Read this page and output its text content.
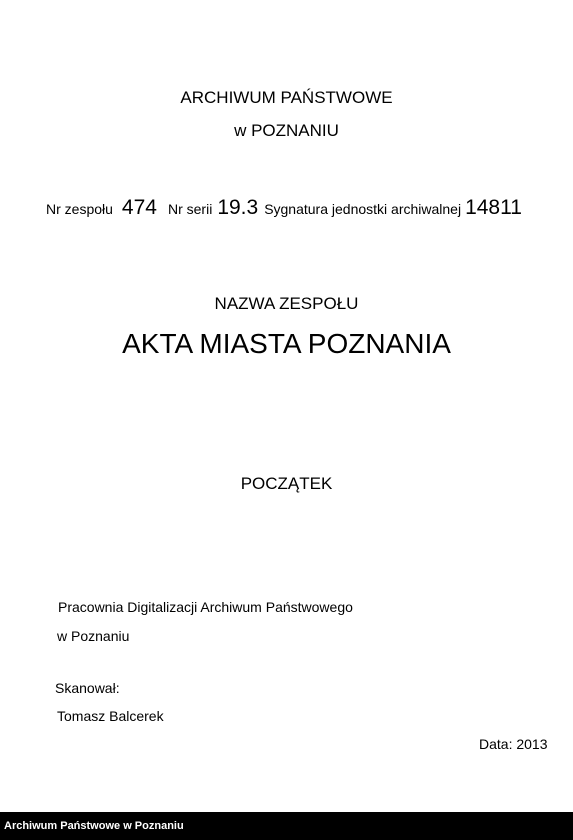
ARCHIWUM PAŃSTWOWE
w POZNANIU
Nr zespołu 474 Nr serii 19.3 Sygnatura jednostki archiwalnej 14811
NAZWA ZESPOŁU
AKTA MIASTA POZNANIA
POCZĄTEK
Pracownia Digitalizacji Archiwum Państwowego
w Poznaniu
Skanował:
Tomasz Balcerek
Data: 2013
Archiwum Państwowe w Poznaniu
